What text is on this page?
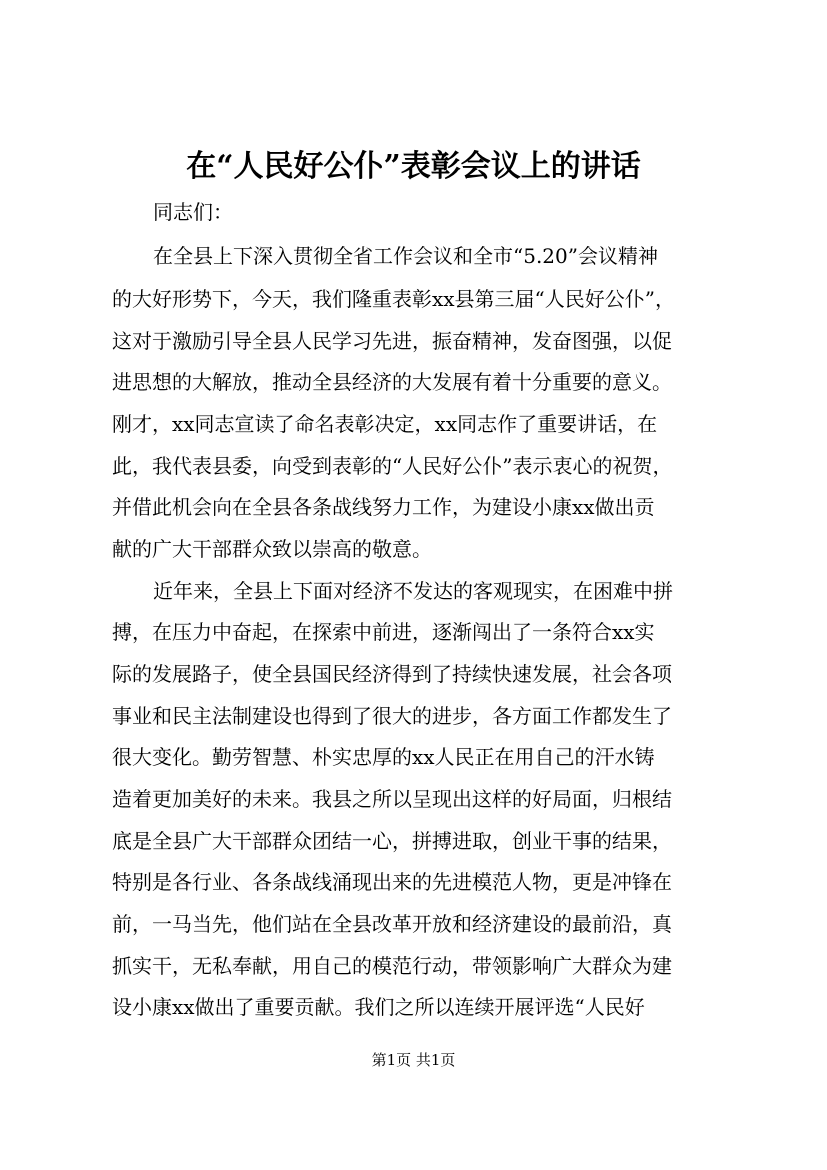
在“人民好公仆”表彰会议上的讲话
同志们：
在全县上下深入贯彻全省工作会议和全市“5.20”会议精神
的大好形势下，今天，我们隆重表彰xx县第三届“人民好公仆”，
这对于激励引导全县人民学习先进，振奋精神，发奋图强，以促
进思想的大解放，推动全县经济的大发展有着十分重要的意义。
刚才，xx同志宣读了命名表彰决定，xx同志作了重要讲话，在
此，我代表县委，向受到表彰的“人民好公仆”表示衷心的祝贺，
并借此机会向在全县各条战线努力工作，为建设小康xx做出贡
献的广大干部群众致以崇高的敬意。
近年来，全县上下面对经济不发达的客观现实，在困难中拼
搏，在压力中奋起，在探索中前进，逐渐闯出了一条符合xx实
际的发展路子，使全县国民经济得到了持续快速发展，社会各项
事业和民主法制建设也得到了很大的进步，各方面工作都发生了
很大变化。勤劳智慧、朴实忠厚的xx人民正在用自己的汗水铸
造着更加美好的未来。我县之所以呈现出这样的好局面，归根结
底是全县广大干部群众团结一心，拼搏进取，创业干事的结果，
特别是各行业、各条战线涌现出来的先进模范人物，更是冲锋在
前，一马当先，他们站在全县改革开放和经济建设的最前沿，真
抓实干，无私奉献，用自己的模范行动，带领影响广大群众为建
设小康xx做出了重要贡献。我们之所以连续开展评选“人民好
第1页 共1页
